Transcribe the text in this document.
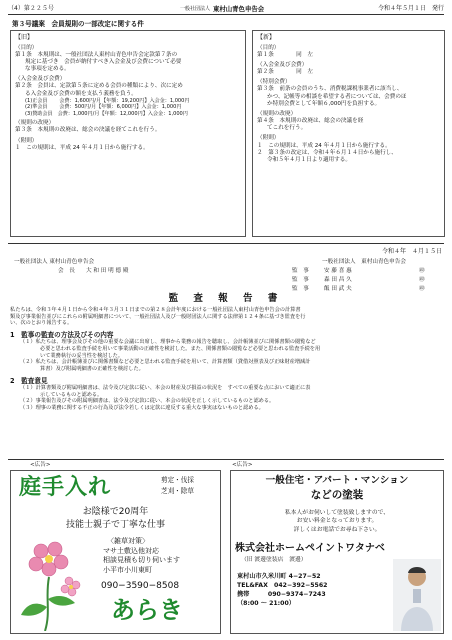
（4）第２２５号	一般社団法人 東村山青色申告会	令和４年５月１日　発行
第３号議案　会員規則の一部改定に関する件
【旧】
（目的）
第１条　本規則は、一般社団法人東村山青色申告会定款第７条の
規定に基づき　会員が納付すべき入会金及び会費について必要
な事項を定める。
（入会金及び会費）
第２条　会員は、定款第５条に定める会員の種類により、次に定め
る入会金及び会費の額を支払う義務を負う。
(1)正会員　　 会費：1,600円/月【年額：19,200円】入会金：1,000円
(2)準会員　　 会費：500円/月【年額：6,000円】入会金：1,000円
(3)賛助会員　会費：1,000円/月【年額：12,000円】入会金：1,000円
（規則の改廃）
第３条　本規則の改廃は、総会の決議を経てこれを行う。
（附則）
１　この規則は、平成 24 年４月１日から施行する。
【新】
（目的）
第１条　　　　同　左
（入会金及び会費）
第２条　　　　同　左
（特別会費）
第３条　前条の会員のうち、消費税課税事業者に該当し、
かつ、記帳等の相談を希望する者については、会費のほ
か特別会費として年額６,000円を負担する。
（規則の改廃）
第４条　本規則の改廃は、総会の決議を経
てこれを行う。
（附則）
１　この規則は、平成 24 年４月１日から施行する。
２　第３条の改定は、令和４年６月１４日から施行し、
令和５年４月１日より適用する。
令和４年　４月１５日
一般社団法人 東村山青色申告会
会　長　　大 和 田 明 德 殿
一般社団法人　東村山青色申告会
監　事	安 藤 喜 惠	㊞
監　事	森 田 昌 久	㊞
監　事	飯 田 武 夫	㊞
監 査 報 告 書
私たちは、令和３年４月１日から令和４年３月３１日までの第２８会計年度における一般社団法人東村山青色申告会の計算書
類及び事業報告並びにこれらの附属明細書について、一般社団法人及び一般財団法人に関する法律第１２４条に基づき監査を行
い、次のとおり報告する。
1　監事の監査の方法及びその内容
（１）私たちは、理事会及びその他の重要な会議に出席し、理事から業務の報告を聴取し、会計帳簿並びに関係書類の閲覧など
必要と思われる監査手続を用いて事業活動の正確性を検討した。また、関係書類の閲覧など必要と思われる監査手続を用
いて業務執行の妥当性を検討した。
（２）私たちは、会計帳簿並びに関係書類など必要と思われる監査手続を用いて、計算書類（貸借対照表及び正味財産増減計
算書）及び附属明細書の正確性を検討した。
2　監査意見
（１）計算書類及び附属明細書は、法令及び定款に従い、本会の財産及び損益の状況を　すべての重要な点において適正に表
示しているものと認める。
（２）事業報告及びその附属明細書は、法令及び定款に従い、本会の状況を正しく示しているものと認める。
（３）理事の業務に関する不正の行為及び法令若しくは定款に違反する重大な事実はないものと認める。
<広告>	<広告>
庭手入れ	剪定・伐採
芝刈・除草
お陰様で20周年
技能士親子で丁寧な仕事
〈雑草対策〉
マサ土敷込他対応
相談見積も切り伺います
小平市小川東町
090−3590−8508
あらき
一般住宅・アパート・マンション
などの塗装
私本人がお伺いして塗装致しますので、
お安い料金となっております。
詳しくはお電話でお尋ね下さい。
株式会社ホームペイントワタナベ
（旧 渡邊塗装店　渡邊）
東村山市久米川町 4−27−52
TEL&FAX　042−392−5562
携帯　　　090−9374−7243
（8:00 〜 21:00）
